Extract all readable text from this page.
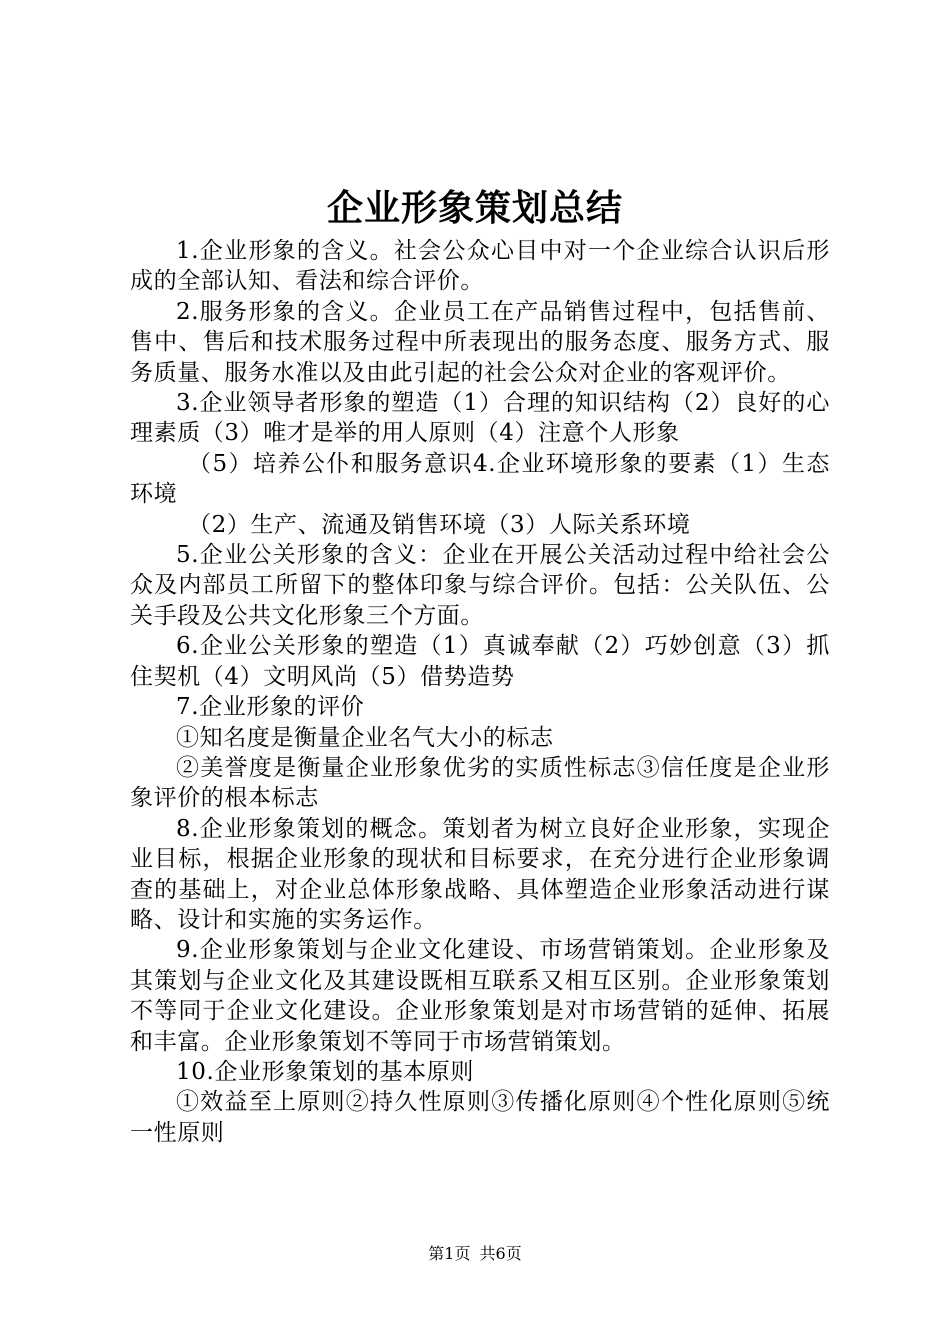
企业形象策划总结

1.企业形象的含义。社会公众心目中对一个企业综合认识后形成的全部认知、看法和综合评价。

2.服务形象的含义。企业员工在产品销售过程中，包括售前、售中、售后和技术服务过程中所表现出的服务态度、服务方式、服务质量、服务水准以及由此引起的社会公众对企业的客观评价。

3.企业领导者形象的塑造（1）合理的知识结构（2）良好的心理素质（3）唯才是举的用人原则（4）注意个人形象

（5）培养公仆和服务意识4.企业环境形象的要素（1）生态环境

（2）生产、流通及销售环境（3）人际关系环境

5.企业公关形象的含义：企业在开展公关活动过程中给社会公众及内部员工所留下的整体印象与综合评价。包括：公关队伍、公关手段及公共文化形象三个方面。

6.企业公关形象的塑造（1）真诚奉献（2）巧妙创意（3）抓住契机（4）文明风尚（5）借势造势

7.企业形象的评价

①知名度是衡量企业名气大小的标志

②美誉度是衡量企业形象优劣的实质性标志③信任度是企业形象评价的根本标志

8.企业形象策划的概念。策划者为树立良好企业形象，实现企业目标，根据企业形象的现状和目标要求，在充分进行企业形象调查的基础上，对企业总体形象战略、具体塑造企业形象活动进行谋略、设计和实施的实务运作。

9.企业形象策划与企业文化建设、市场营销策划。企业形象及其策划与企业文化及其建设既相互联系又相互区别。企业形象策划不等同于企业文化建设。企业形象策划是对市场营销的延伸、拓展和丰富。企业形象策划不等同于市场营销策划。

10.企业形象策划的基本原则

①效益至上原则②持久性原则③传播化原则④个性化原则⑤统一性原则

第1页 共6页
